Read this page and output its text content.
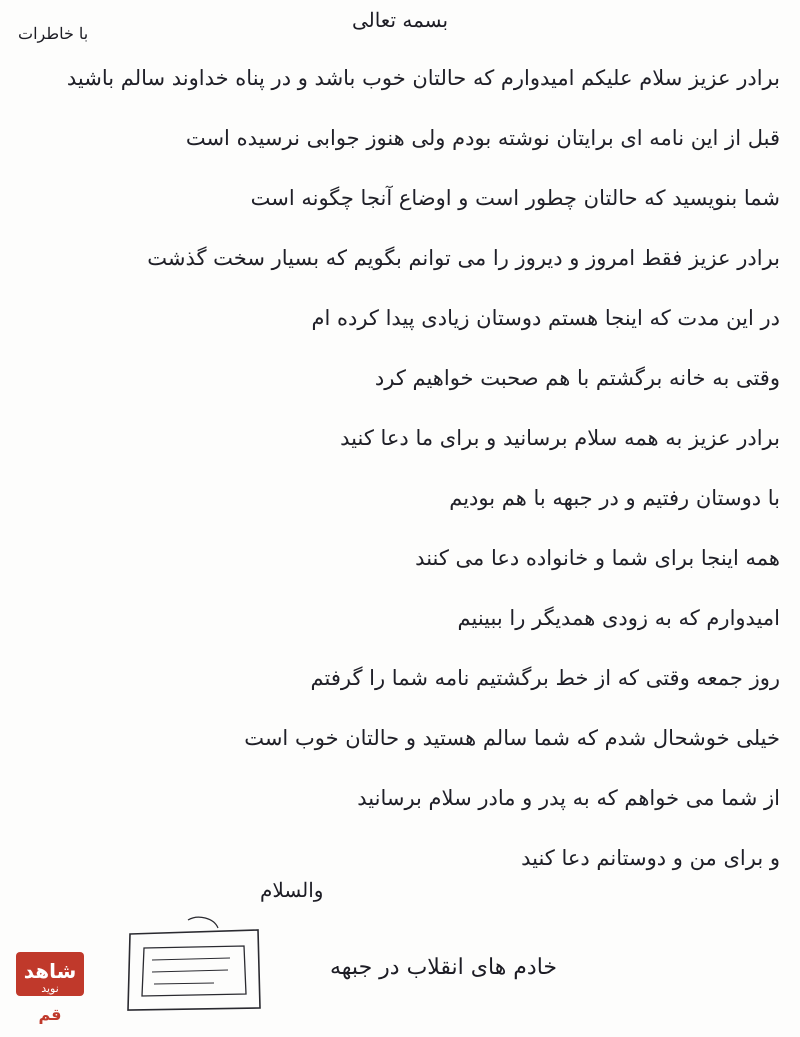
بسمه تعالی
با خاطرات
برادر عزیز سلام علیکم امیدوارم که حالتان خوب باشد و در پناه خداوند سالم باشید
قبل از این نامه ای برایتان نوشته بودم ولی هنوز جوابی نرسیده است
شما بنویسید که حالتان چطور است و اوضاع آنجا چگونه است
برادر عزیز فقط امروز و دیروز را می توانم بگویم که بسیار سخت گذشت
در این مدت که اینجا هستم دوستان زیادی پیدا کرده ام
وقتی به خانه برگشتم با هم صحبت خواهیم کرد
برادر عزیز به همه سلام برسانید و برای ما دعا کنید
با دوستان رفتیم و در جبهه با هم بودیم
همه اینجا برای شما و خانواده دعا می کنند
امیدوارم که به زودی همدیگر را ببینیم
روز جمعه وقتی که از خط برگشتیم نامه شما را گرفتم
خیلی خوشحال شدم که شما سالم هستید و حالتان خوب است
از شما می خواهم که به پدر و مادر سلام برسانید
و برای من و دوستانم دعا کنید
والسلام
خادم های انقلاب در جبهه
شاهد
نوید
قم
